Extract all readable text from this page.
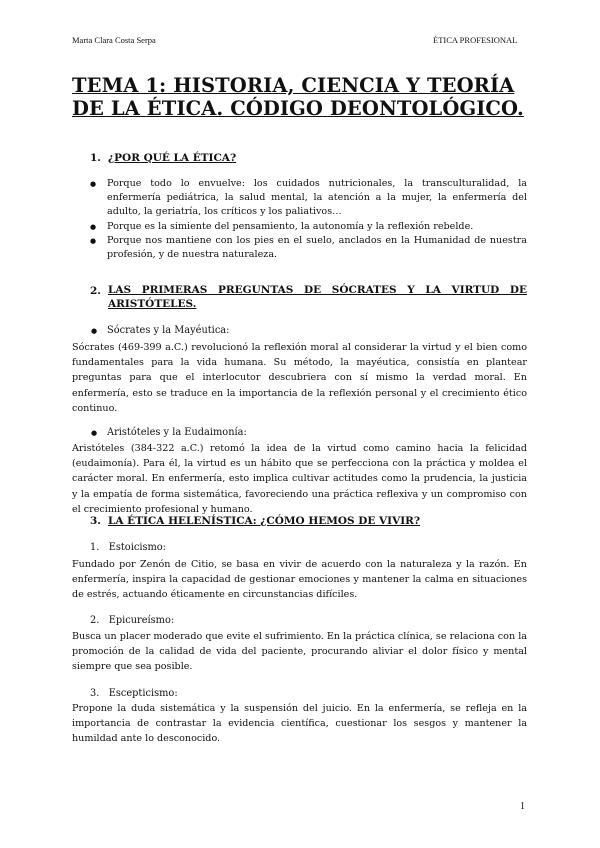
Marta Clara Costa Serpa	ÉTICA PROFESIONAL
TEMA 1: HISTORIA, CIENCIA Y TEORÍA DE LA ÉTICA. CÓDIGO DEONTOLÓGICO.
1. ¿POR QUÉ LA ÉTICA?
● Porque todo lo envuelve: los cuidados nutricionales, la transculturalidad, la enfermería pediátrica, la salud mental, la atención a la mujer, la enfermería del adulto, la geriatría, los críticos y los paliativos…
● Porque es la simiente del pensamiento, la autonomía y la reflexión rebelde.
● Porque nos mantiene con los pies en el suelo, anclados en la Humanidad de nuestra profesión, y de nuestra naturaleza.
2. LAS PRIMERAS PREGUNTAS DE SÓCRATES Y LA VIRTUD DE
ARISTÓTELES.
● Sócrates y la Mayéutica:

Sócrates (469-399 a.C.) revolucionó la reflexión moral al considerar la virtud y el bien como fundamentales para la vida humana. Su método, la mayéutica, consistía en plantear preguntas para que el interlocutor descubriera con sí mismo la verdad moral. En enfermería, esto se traduce en la importancia de la reflexión personal y el crecimiento ético continuo.

● Aristóteles y la Eudaimonía:

Aristóteles (384-322 a.C.) retomó la idea de la virtud como camino hacia la felicidad (eudaimonía). Para él, la virtud es un hábito que se perfecciona con la práctica y moldea el carácter moral. En enfermería, esto implica cultivar actitudes como la prudencia, la justicia y la empatía de forma sistemática, favoreciendo una práctica reflexiva y un compromiso con el crecimiento profesional y humano.

3. LA ÉTICA HELENÍSTICA: ¿CÓMO HEMOS DE VIVIR?
1.   Estoicismo:

Fundado por Zenón de Citio, se basa en vivir de acuerdo con la naturaleza y la razón. En enfermería, inspira la capacidad de gestionar emociones y mantener la calma en situaciones de estrés, actuando éticamente en circunstancias difíciles.

2.   Epicureísmo:

Busca un placer moderado que evite el sufrimiento. En la práctica clínica, se relaciona con la promoción de la calidad de vida del paciente, procurando aliviar el dolor físico y mental siempre que sea posible.

3.   Escepticismo:

Propone la duda sistemática y la suspensión del juicio. En la enfermería, se refleja en la importancia de contrastar la evidencia científica, cuestionar los sesgos y mantener la humildad ante lo desconocido.

1
